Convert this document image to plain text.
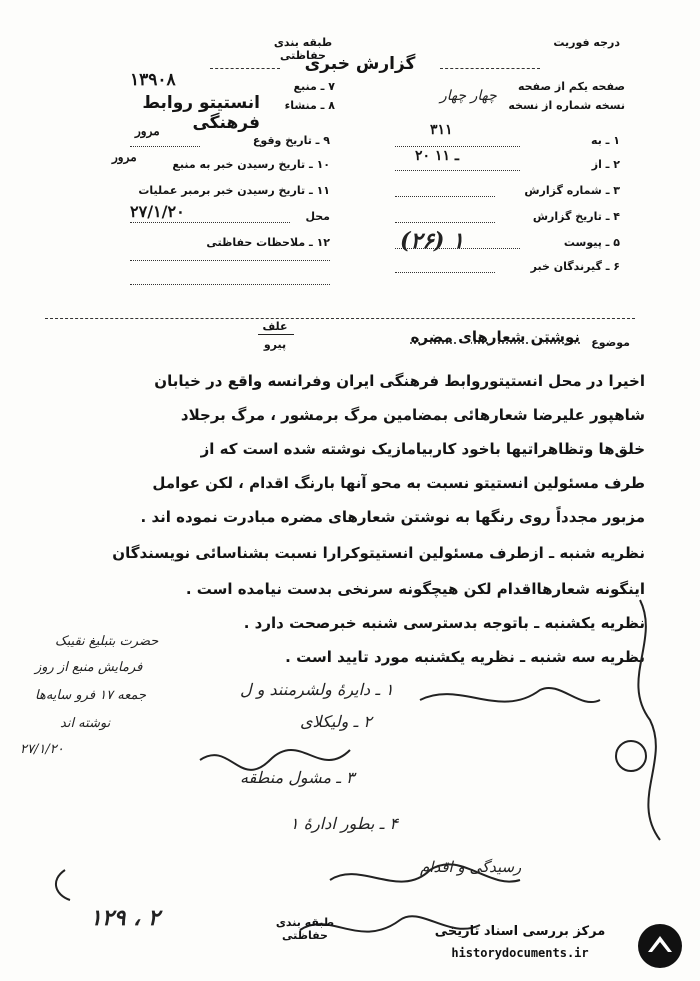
طبقه بندی حفاظتی
درجه فوریت
گزارش خبری
۱۳۹۰۸
انستیتو روابط فرهنگی
صفحه یکم از صفحه
نسخه شماره از نسخه
چهار چهار
۱ ـ به
۳۱۱
۲ ـ از
۲۰ ـ ۱۱
۳ ـ شماره گزارش
۴ ـ تاریخ گزارش
۵ ـ پیوست
(۲۶) ۱
۶ ـ گیرندگان خبر
۷ ـ منبع
۸ ـ منشاء
۹ ـ تاریخ وقوع
مرور
۱۰ ـ تاریخ رسیدن خبر به منبع
مرور
۱۱ ـ تاریخ رسیدن خبر برمبر عملیات
محل
۲۷/۱/۲۰
۱۲ ـ ملاحظات حفاظتی
موضوع
نوشتن شعارهای مضره
علف
پیرو
اخیرا در محل انستیتوروابط فرهنگی ایران وفرانسه واقع در خیابان
شاهپور علیرضا شعارهائی بمضامین مرگ برمشور ، مرگ برجلاد
خلق‌ها وتظاهراتیها باخود کاربیامازیک نوشته شده است که از
طرف مسئولین انستیتو نسبت به محو آنها بارنگ اقدام ، لکن عوامل
مزبور مجدداً روی رنگها به نوشتن شعارهای مضره مبادرت نموده اند .
نظریه شنبه ـ ازطرف مسئولین انستیتوکرارا نسبت بشناسائی نویسندگان
اینگونه شعارهااقدام لکن هیچگونه سرنخی بدست نیامده است .
نظریه یکشنبه ـ باتوجه بدسترسی شنبه خبرصحت دارد .
نظریه سه شنبه ـ نظریه یکشنبه مورد تایید است .
حضرت بتبلیغ نقیبک
فرمایش منبع از روز
جمعه ۱۷ فرو سایه‌ها
نوشته اند
۲۷/۱/۲۰
۱ ـ دایرۀ ولشرمنند و ل
۲ ـ ولیکلای
۳ ـ مشول منطقه
۴ ـ بطور ادارۀ ۱
رسیدگی و اقدام
۱۲۹ ، ۲	طبقه بندی حفاظتی	مرکز بررسی اسناد تاریخی
historydocuments.ir
